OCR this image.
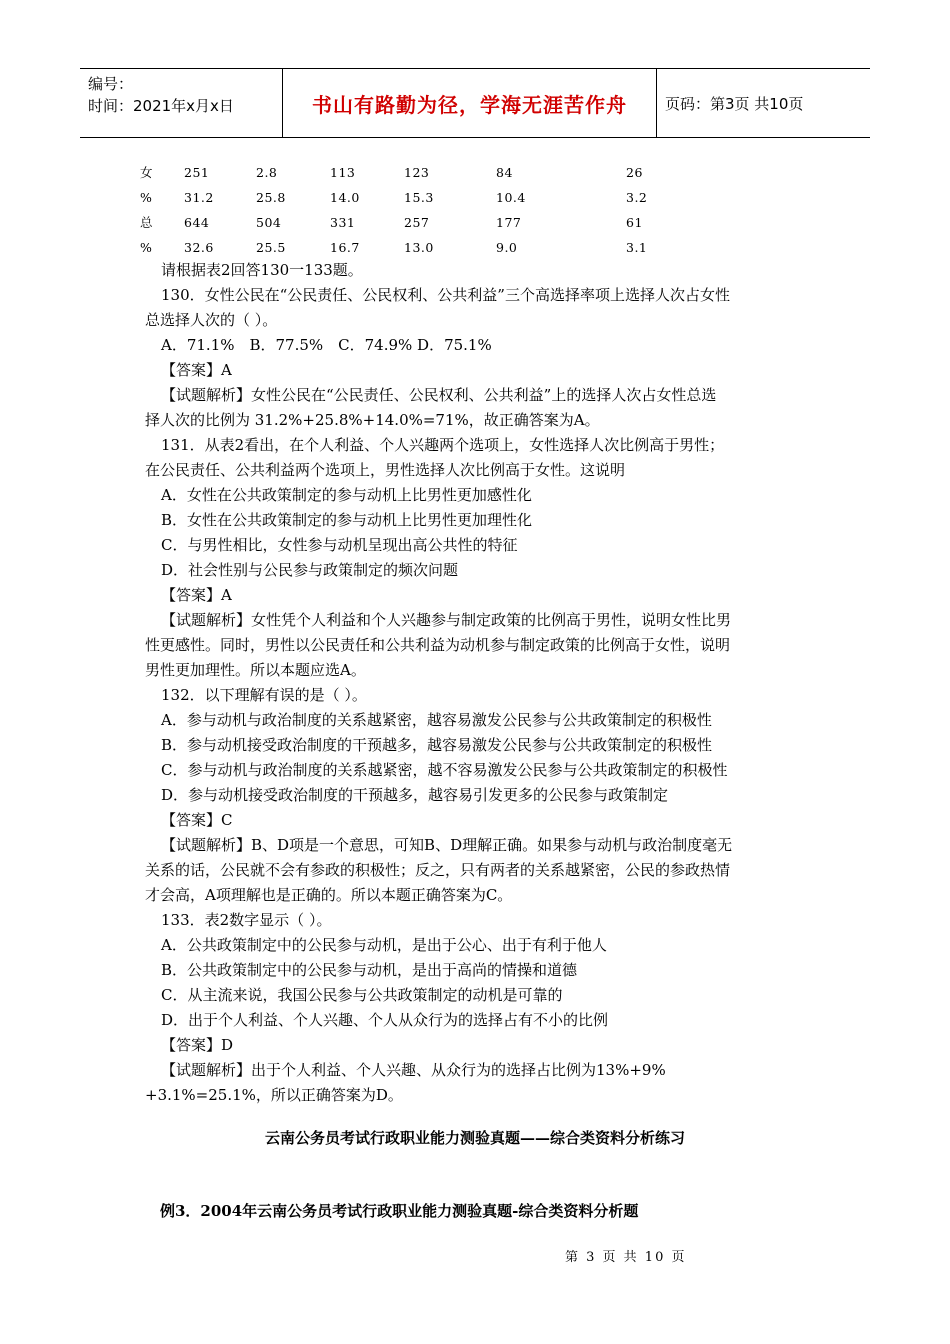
编号：
时间：2021年x月x日	书山有路勤为径，学海无涯苦作舟	页码：第3页 共10页
女 251	2.8	113	123	84	26
%	31.2	25.8	14.0	15.3	10.4	3.2
总 644	504	331	257	177	61
%	32.6	25.5	16.7	13.0	9.0	3.1
请根据表2回答130一133题。
130．女性公民在“公民责任、公民权利、公共利益”三个高选择率项上选择人次占女性
总选择人次的（ ）。
A．71.1%　B．77.5%　C．74.9% D．75.1%
【答案】A
【试题解析】女性公民在“公民责任、公民权利、公共利益”上的选择人次占女性总选
择人次的比例为 31.2%+25.8%+14.0%=71%，故正确答案为A。
131．从表2看出，在个人利益、个人兴趣两个选项上，女性选择人次比例高于男性；
在公民责任、公共利益两个选项上，男性选择人次比例高于女性。这说明
A．女性在公共政策制定的参与动机上比男性更加感性化
B．女性在公共政策制定的参与动机上比男性更加理性化
C．与男性相比，女性参与动机呈现出高公共性的特征
D．社会性别与公民参与政策制定的频次问题
【答案】A
【试题解析】女性凭个人利益和个人兴趣参与制定政策的比例高于男性，说明女性比男
性更感性。同时，男性以公民责任和公共利益为动机参与制定政策的比例高于女性，说明
男性更加理性。所以本题应选A。
132．以下理解有误的是（ ）。
A．参与动机与政治制度的关系越紧密，越容易激发公民参与公共政策制定的积极性
B．参与动机接受政治制度的干预越多，越容易激发公民参与公共政策制定的积极性
C．参与动机与政治制度的关系越紧密，越不容易激发公民参与公共政策制定的积极性
D．参与动机接受政治制度的干预越多，越容易引发更多的公民参与政策制定
【答案】C
【试题解析】B、D项是一个意思，可知B、D理解正确。如果参与动机与政治制度毫无
关系的话，公民就不会有参政的积极性；反之，只有两者的关系越紧密，公民的参政热情
才会高，A项理解也是正确的。所以本题正确答案为C。
133．表2数字显示（ ）。
A．公共政策制定中的公民参与动机，是出于公心、出于有利于他人
B．公共政策制定中的公民参与动机，是出于高尚的情操和道德
C．从主流来说，我国公民参与公共政策制定的动机是可靠的
D．出于个人利益、个人兴趣、个人从众行为的选择占有不小的比例
【答案】D
【试题解析】出于个人利益、个人兴趣、从众行为的选择占比例为13%+9%
+3.1%=25.1%，所以正确答案为D。
云南公务员考试行政职业能力测验真题——综合类资料分析练习
例3．2004年云南公务员考试行政职业能力测验真题-综合类资料分析题
第 3 页 共 10 页
